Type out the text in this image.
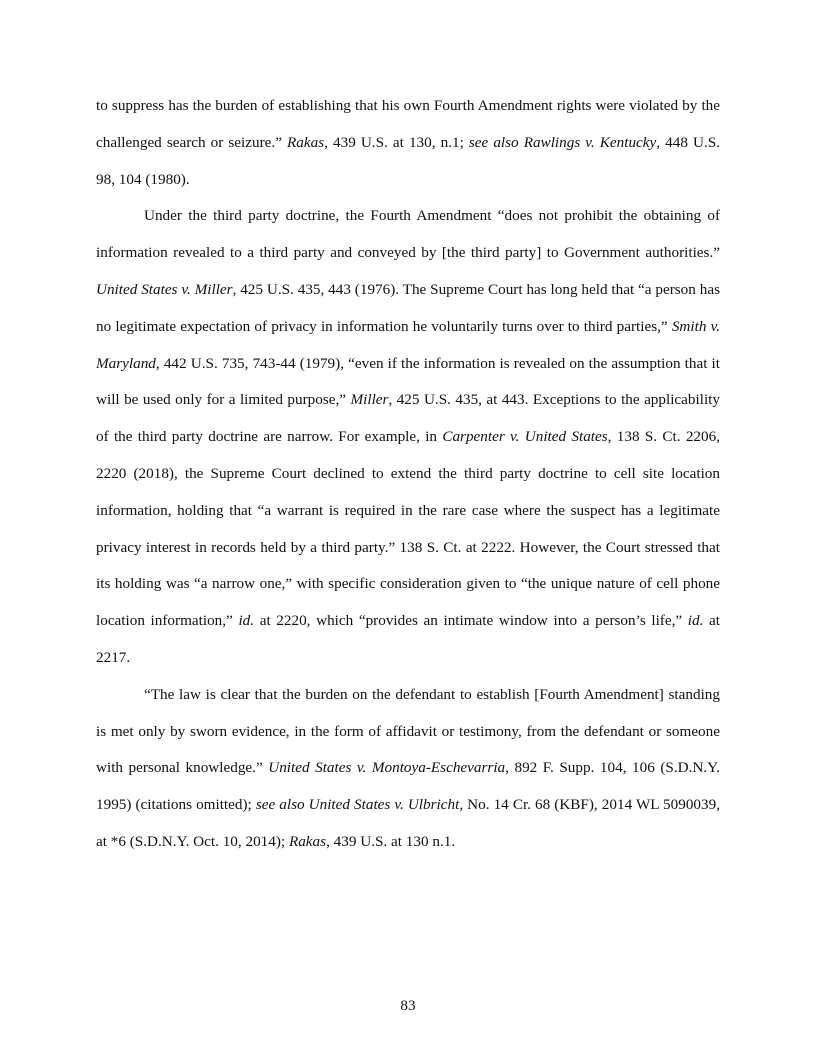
to suppress has the burden of establishing that his own Fourth Amendment rights were violated by the challenged search or seizure.” Rakas, 439 U.S. at 130, n.1; see also Rawlings v. Kentucky, 448 U.S. 98, 104 (1980).

Under the third party doctrine, the Fourth Amendment “does not prohibit the obtaining of information revealed to a third party and conveyed by [the third party] to Government authorities.” United States v. Miller, 425 U.S. 435, 443 (1976). The Supreme Court has long held that “a person has no legitimate expectation of privacy in information he voluntarily turns over to third parties,” Smith v. Maryland, 442 U.S. 735, 743-44 (1979), “even if the information is revealed on the assumption that it will be used only for a limited purpose,” Miller, 425 U.S. 435, at 443. Exceptions to the applicability of the third party doctrine are narrow. For example, in Carpenter v. United States, 138 S. Ct. 2206, 2220 (2018), the Supreme Court declined to extend the third party doctrine to cell site location information, holding that “a warrant is required in the rare case where the suspect has a legitimate privacy interest in records held by a third party.” 138 S. Ct. at 2222. However, the Court stressed that its holding was “a narrow one,” with specific consideration given to “the unique nature of cell phone location information,” id. at 2220, which “provides an intimate window into a person’s life,” id. at 2217.

“The law is clear that the burden on the defendant to establish [Fourth Amendment] standing is met only by sworn evidence, in the form of affidavit or testimony, from the defendant or someone with personal knowledge.” United States v. Montoya-Eschevarria, 892 F. Supp. 104, 106 (S.D.N.Y. 1995) (citations omitted); see also United States v. Ulbricht, No. 14 Cr. 68 (KBF), 2014 WL 5090039, at *6 (S.D.N.Y. Oct. 10, 2014); Rakas, 439 U.S. at 130 n.1.

83
